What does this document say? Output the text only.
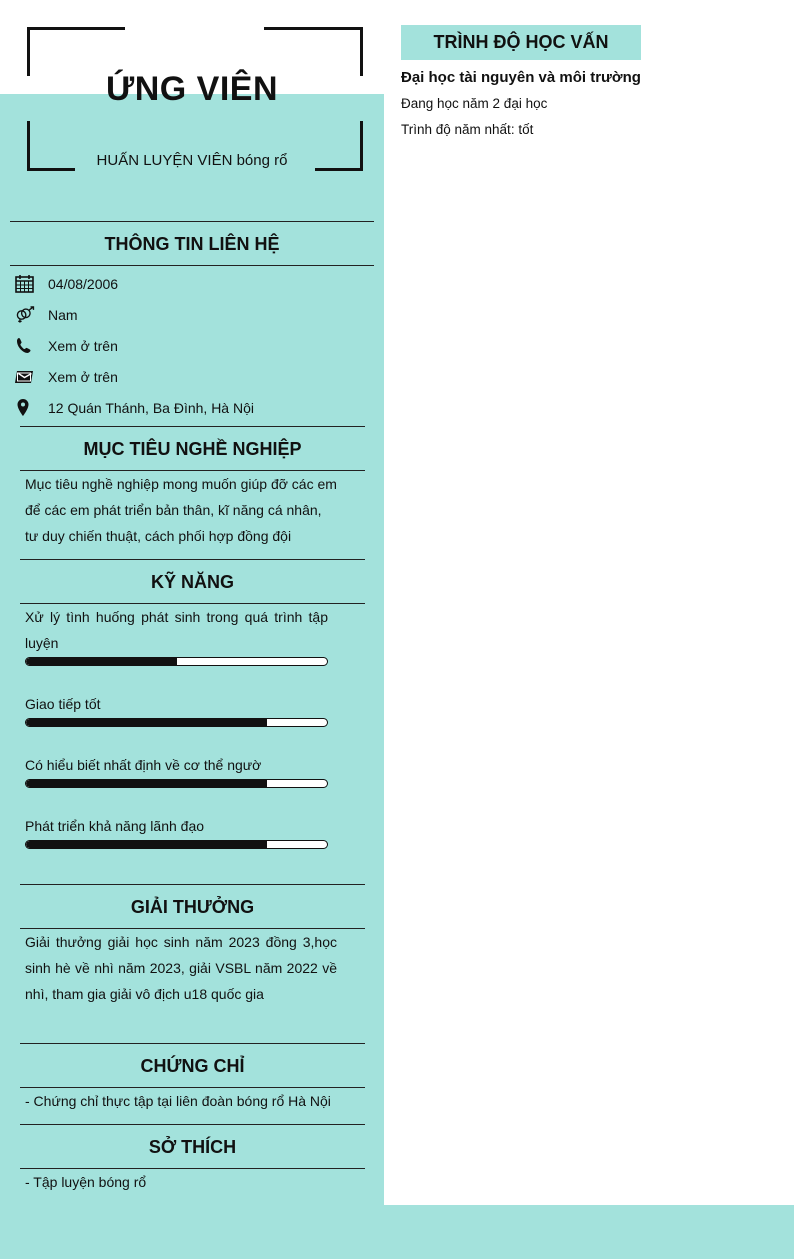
ỨNG VIÊN
HUẤN LUYỆN VIÊN bóng rổ
THÔNG TIN LIÊN HỆ
04/08/2006
Nam
Xem ở trên
Xem ở trên
12 Quán Thánh, Ba Đình, Hà Nội
MỤC TIÊU NGHỀ NGHIỆP
Mục tiêu nghề nghiệp mong muốn giúp đỡ các em để các em phát triển bản thân, kĩ năng cá nhân, tư duy chiến thuật, cách phối hợp đồng đội
KỸ NĂNG
Xử lý tình huống phát sinh trong quá trình tập luyện
Giao tiếp tốt
Có hiểu biết nhất định về cơ thể ngườ
Phát triển khả năng lãnh đạo
GIẢI THƯỞNG
Giải thưởng giải học sinh năm 2023 đồng 3,học sinh hè về nhì năm 2023, giải VSBL năm 2022 về nhì, tham gia giải vô địch u18 quốc gia
CHỨNG CHỈ
- Chứng chỉ thực tập tại liên đoàn bóng rổ Hà Nội
SỞ THÍCH
- Tập luyện bóng rổ
TRÌNH ĐỘ HỌC VẤN
Đại học tài nguyên và môi trường
Đang học năm 2 đại học
Trình độ năm nhất: tốt
